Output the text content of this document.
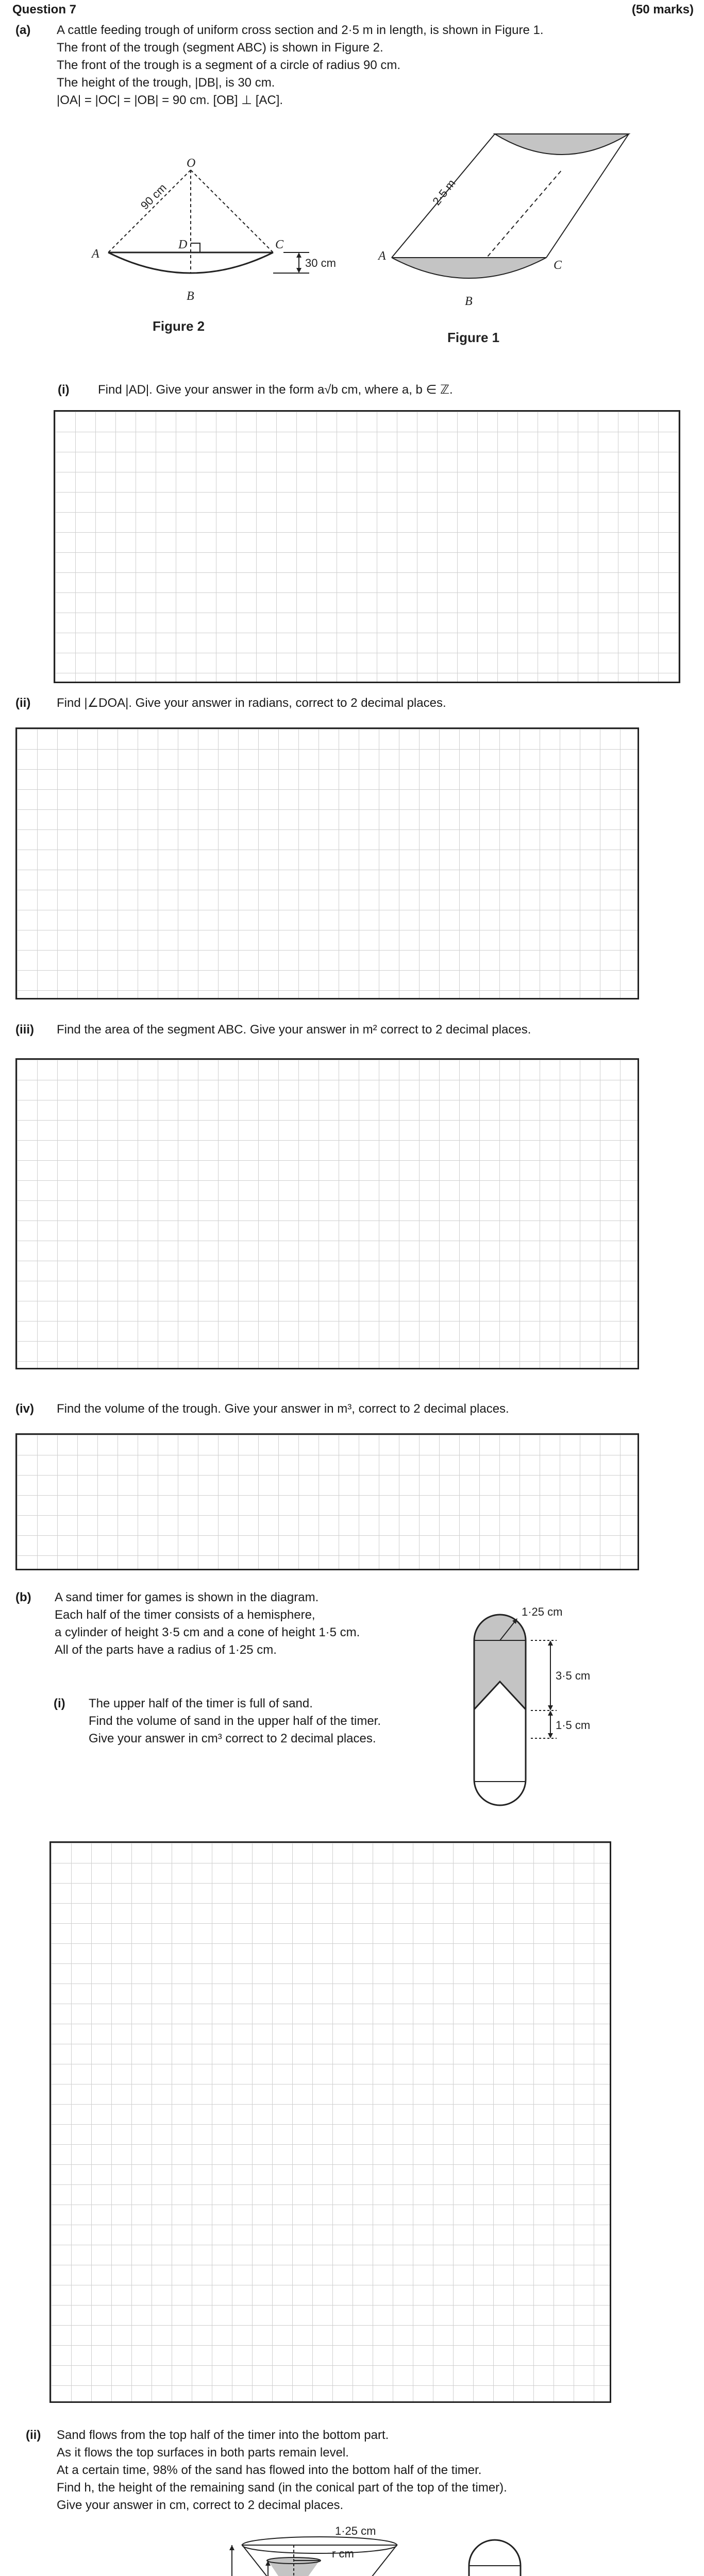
Question 7	(50 marks)
(a) A cattle feeding trough of uniform cross section and 2·5 m in length, is shown in Figure 1.
The front of the trough (segment ABC) is shown in Figure 2.
The front of the trough is a segment of a circle of radius 90 cm.
The height of the trough, |DB|, is 30 cm.
|OA| = |OC| = |OB| = 90 cm. [OB] ⊥ [AC].
90 cm
30 cm
O
A
D	C
B
Figure 2
2·5 m
A
C
B
Figure 1
(i) Find |AD|. Give your answer in the form a√b cm, where a, b ∈ ℤ.
(ii) Find |∠DOA|. Give your answer in radians, correct to 2 decimal places.
(iii) Find the area of the segment ABC. Give your answer in m² correct to 2 decimal places.
(iv) Find the volume of the trough. Give your answer in m³, correct to 2 decimal places.
(b) A sand timer for games is shown in the diagram.
Each half of the timer consists of a hemisphere,
a cylinder of height 3·5 cm and a cone of height 1·5 cm.
All of the parts have a radius of 1·25 cm.
1·25 cm
3·5 cm
1·5 cm
(i) The upper half of the timer is full of sand.
Find the volume of sand in the upper half of the timer.
Give your answer in cm³ correct to 2 decimal places.
(ii) Sand flows from the top half of the timer into the bottom part.
As it flows the top surfaces in both parts remain level.
At a certain time, 98% of the sand has flowed into the bottom half of the timer.
Find h, the height of the remaining sand (in the conical part of the top of the timer).
Give your answer in cm, correct to 2 decimal places.
1·25 cm
r cm
